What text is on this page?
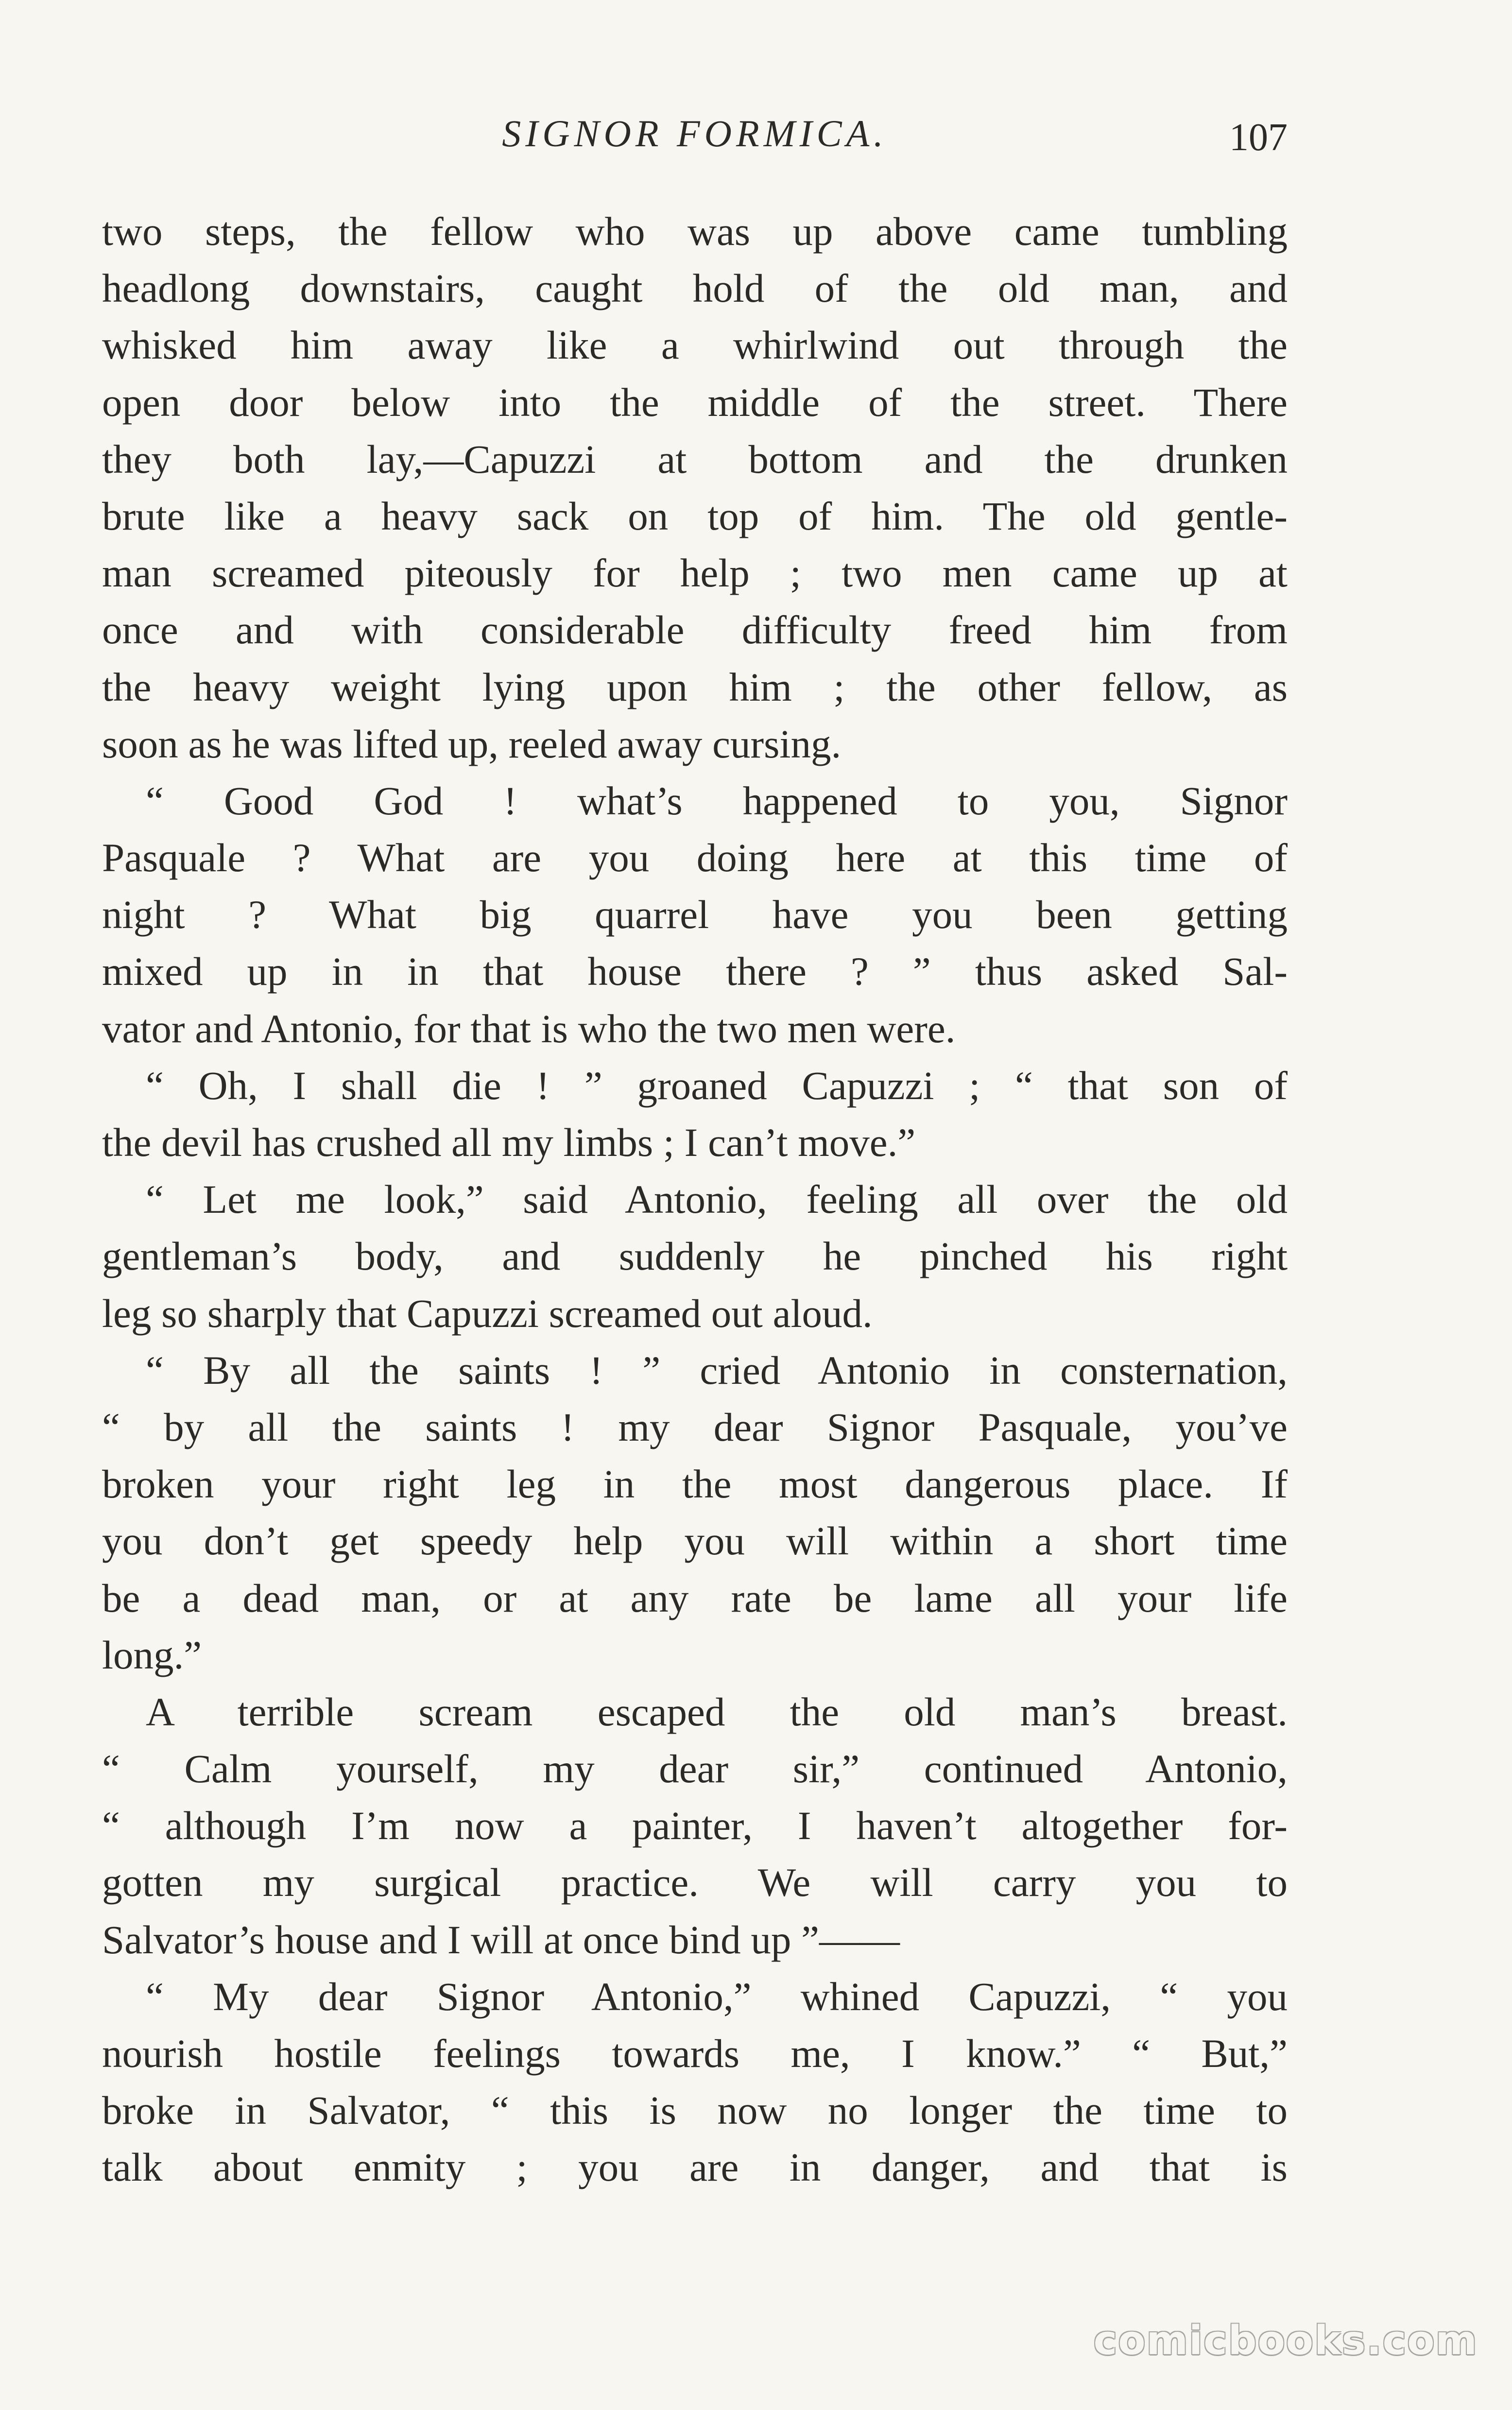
SIGNOR FORMICA.	107
two steps, the fellow who was up above came tumbling
headlong downstairs, caught hold of the old man, and
whisked him away like a whirlwind out through the
open door below into the middle of the street. There
they both lay,—Capuzzi at bottom and the drunken
brute like a heavy sack on top of him. The old gentle-
man screamed piteously for help ; two men came up at
once and with considerable difficulty freed him from
the heavy weight lying upon him ; the other fellow, as
soon as he was lifted up, reeled away cursing.
“ Good God ! what’s happened to you, Signor
Pasquale ? What are you doing here at this time of
night ? What big quarrel have you been getting
mixed up in in that house there ? ” thus asked Sal-
vator and Antonio, for that is who the two men were.
“ Oh, I shall die ! ” groaned Capuzzi ; “ that son of
the devil has crushed all my limbs ; I can’t move.”
“ Let me look,” said Antonio, feeling all over the old
gentleman’s body, and suddenly he pinched his right
leg so sharply that Capuzzi screamed out aloud.
“ By all the saints ! ” cried Antonio in consternation,
“ by all the saints ! my dear Signor Pasquale, you’ve
broken your right leg in the most dangerous place. If
you don’t get speedy help you will within a short time
be a dead man, or at any rate be lame all your life
long.”
A terrible scream escaped the old man’s breast.
“ Calm yourself, my dear sir,” continued Antonio,
“ although I’m now a painter, I haven’t altogether for-
gotten my surgical practice. We will carry you to
Salvator’s house and I will at once bind up ”——
“ My dear Signor Antonio,” whined Capuzzi, “ you
nourish hostile feelings towards me, I know.” “ But,”
broke in Salvator, “ this is now no longer the time to
talk about enmity ; you are in danger, and that is
comicbooks.com
